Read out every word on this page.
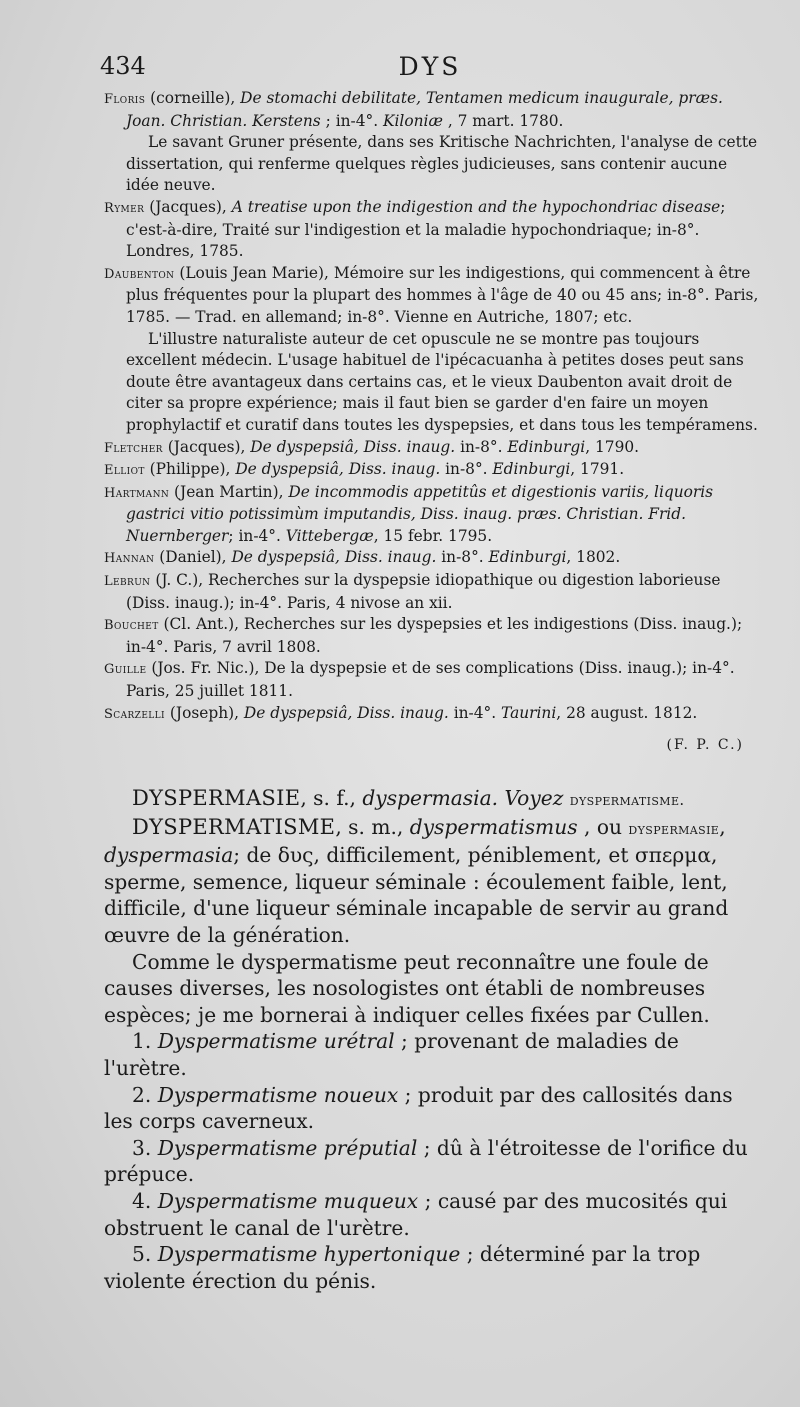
434	DYS

Floris (corneille), De stomachi debilitate, Tentamen medicum inaugurale, præs. Joan. Christian. Kerstens ; in-4°. Kiloniæ , 7 mart. 1780.

Le savant Gruner présente, dans ses Kritische Nachrichten, l'analyse de cette dissertation, qui renferme quelques règles judicieuses, sans contenir aucune idée neuve.

Rymer (Jacques), A treatise upon the indigestion and the hypochondriac disease; c'est-à-dire, Traité sur l'indigestion et la maladie hypochondriaque; in-8°. Londres, 1785.

Daubenton (Louis Jean Marie), Mémoire sur les indigestions, qui commencent à être plus fréquentes pour la plupart des hommes à l'âge de 40 ou 45 ans; in-8°. Paris, 1785. — Trad. en allemand; in-8°. Vienne en Autriche, 1807; etc.

L'illustre naturaliste auteur de cet opuscule ne se montre pas toujours excellent médecin. L'usage habituel de l'ipécacuanha à petites doses peut sans doute être avantageux dans certains cas, et le vieux Daubenton avait droit de citer sa propre expérience; mais il faut bien se garder d'en faire un moyen prophylactif et curatif dans toutes les dyspepsies, et dans tous les tempéramens.

Fletcher (Jacques), De dyspepsiâ, Diss. inaug. in-8°. Edinburgi, 1790.

Elliot (Philippe), De dyspepsiâ, Diss. inaug. in-8°. Edinburgi, 1791.

Hartmann (Jean Martin), De incommodis appetitûs et digestionis variis, liquoris gastrici vitio potissimùm imputandis, Diss. inaug. præs. Christian. Frid. Nuernberger; in-4°. Vittebergæ, 15 febr. 1795.

Hannan (Daniel), De dyspepsiâ, Diss. inaug. in-8°. Edinburgi, 1802.

Lebrun (J. C.), Recherches sur la dyspepsie idiopathique ou digestion laborieuse (Diss. inaug.); in-4°. Paris, 4 nivose an xii.

Bouchet (Cl. Ant.), Recherches sur les dyspepsies et les indigestions (Diss. inaug.); in-4°. Paris, 7 avril 1808.

Guille (Jos. Fr. Nic.), De la dyspepsie et de ses complications (Diss. inaug.); in-4°. Paris, 25 juillet 1811.

Scarzelli (Joseph), De dyspepsiâ, Diss. inaug. in-4°. Taurini, 28 august. 1812.

(F. P. C.)

DYSPERMASIE, s. f., dyspermasia. Voyez dyspermatisme.

DYSPERMATISME, s. m., dyspermatismus , ou dyspermasie, dyspermasia; de δυς, difficilement, péniblement, et σπερμα, sperme, semence, liqueur séminale : écoulement faible, lent, difficile, d'une liqueur séminale incapable de servir au grand œuvre de la génération.

Comme le dyspermatisme peut reconnaître une foule de causes diverses, les nosologistes ont établi de nombreuses espèces; je me bornerai à indiquer celles fixées par Cullen.

1. Dyspermatisme urétral ; provenant de maladies de l'urètre.

2. Dyspermatisme noueux ; produit par des callosités dans les corps caverneux.

3. Dyspermatisme préputial ; dû à l'étroitesse de l'orifice du prépuce.

4. Dyspermatisme muqueux ; causé par des mucosités qui obstruent le canal de l'urètre.

5. Dyspermatisme hypertonique ; déterminé par la trop violente érection du pénis.
